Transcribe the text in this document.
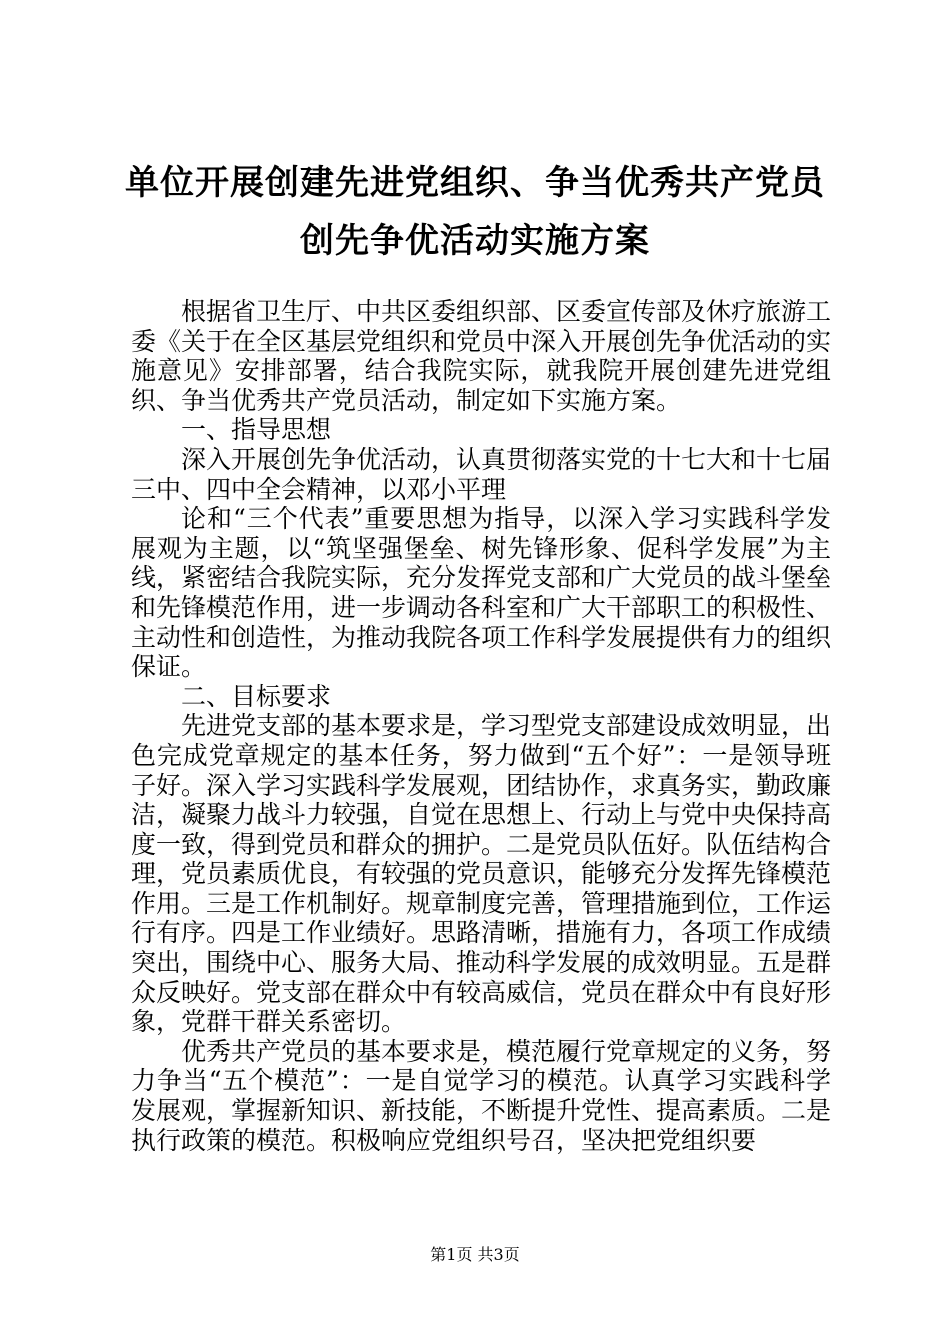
单位开展创建先进党组织、争当优秀共产党员
创先争优活动实施方案

根据省卫生厅、中共区委组织部、区委宣传部及休疗旅游工委《关于在全区基层党组织和党员中深入开展创先争优活动的实施意见》安排部署，结合我院实际，就我院开展创建先进党组织、争当优秀共产党员活动，制定如下实施方案。

一、指导思想

深入开展创先争优活动，认真贯彻落实党的十七大和十七届三中、四中全会精神，以邓小平理

论和“三个代表”重要思想为指导，以深入学习实践科学发展观为主题，以“筑坚强堡垒、树先锋形象、促科学发展”为主线，紧密结合我院实际，充分发挥党支部和广大党员的战斗堡垒和先锋模范作用，进一步调动各科室和广大干部职工的积极性、主动性和创造性，为推动我院各项工作科学发展提供有力的组织保证。

二、目标要求

先进党支部的基本要求是，学习型党支部建设成效明显，出色完成党章规定的基本任务，努力做到“五个好”：一是领导班子好。深入学习实践科学发展观，团结协作，求真务实，勤政廉洁，凝聚力战斗力较强，自觉在思想上、行动上与党中央保持高度一致，得到党员和群众的拥护。二是党员队伍好。队伍结构合理，党员素质优良，有较强的党员意识，能够充分发挥先锋模范作用。三是工作机制好。规章制度完善，管理措施到位，工作运行有序。四是工作业绩好。思路清晰，措施有力，各项工作成绩突出，围绕中心、服务大局、推动科学发展的成效明显。五是群众反映好。党支部在群众中有较高威信，党员在群众中有良好形象，党群干群关系密切。

优秀共产党员的基本要求是，模范履行党章规定的义务，努力争当“五个模范”：一是自觉学习的模范。认真学习实践科学发展观，掌握新知识、新技能，不断提升党性、提高素质。二是执行政策的模范。积极响应党组织号召，坚决把党组织要

第1页 共3页
